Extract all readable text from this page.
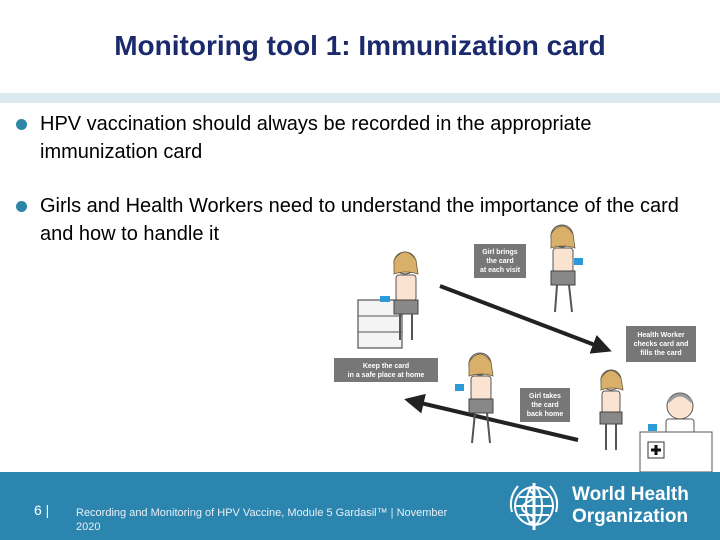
Monitoring tool 1: Immunization card
HPV vaccination should always be recorded in the appropriate immunization card
Girls and Health Workers need to understand the importance of the card and how to handle it
Girl brings
the card
at each visit
Health Worker
checks card and
fills the card
Keep the card
in a safe place at home
Girl takes
the card
back home
6 | Recording and Monitoring of HPV Vaccine, Module 5 Gardasil™ | November 2020
World Health
Organization
